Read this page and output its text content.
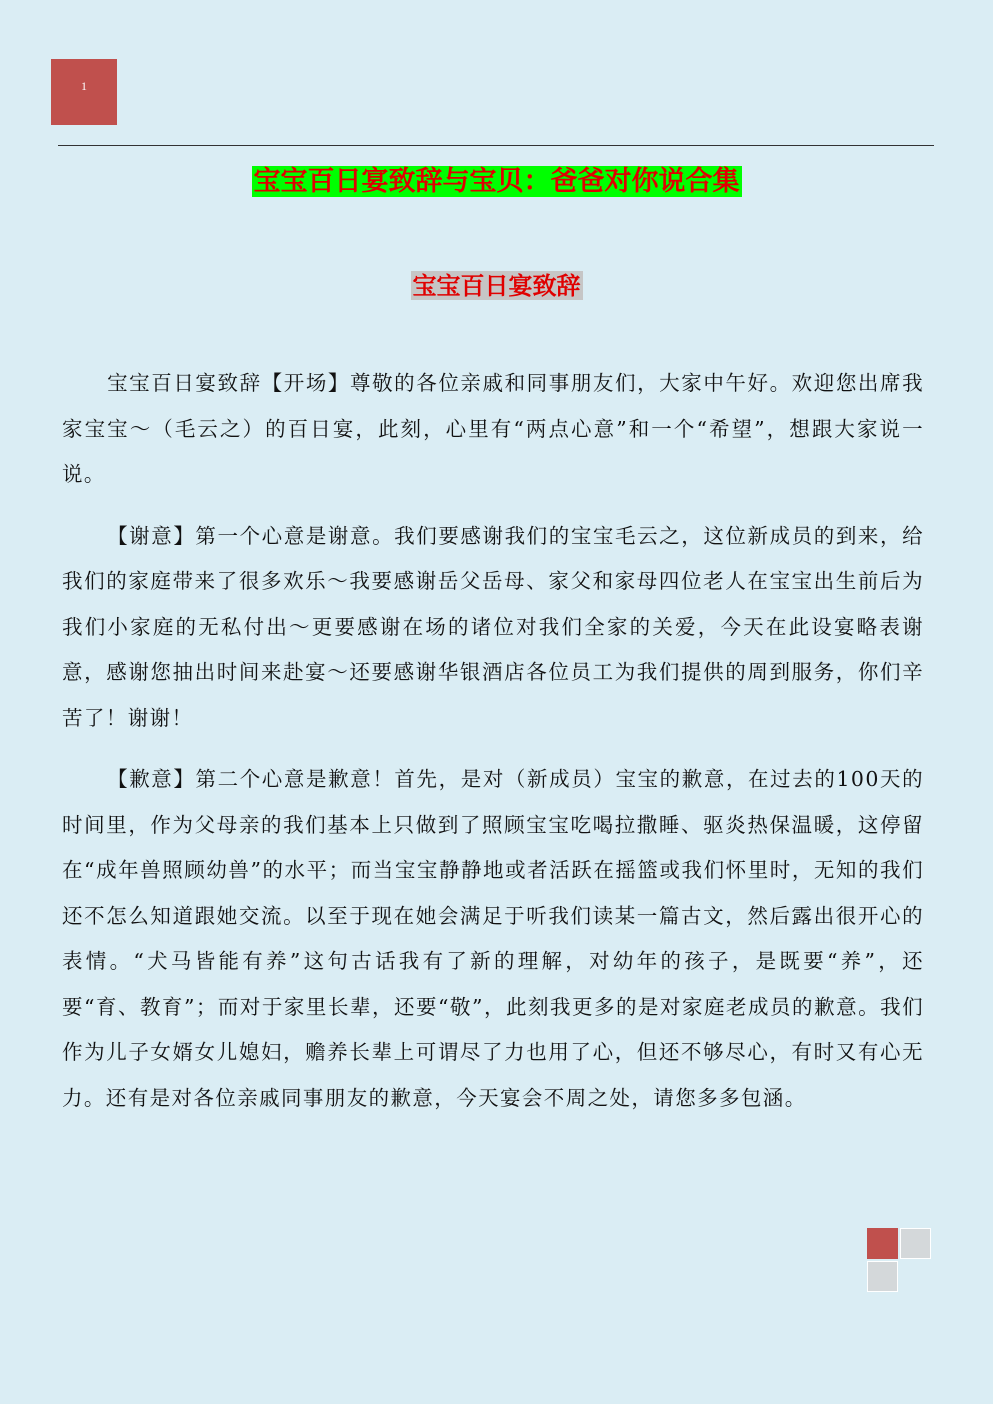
1
宝宝百日宴致辞与宝贝：爸爸对你说合集
宝宝百日宴致辞

宝宝百日宴致辞【开场】尊敬的各位亲戚和同事朋友们，大家中午好。欢迎您出席我家宝宝～（毛云之）的百日宴，此刻，心里有“两点心意”和一个“希望”，想跟大家说一说。

【谢意】第一个心意是谢意。我们要感谢我们的宝宝毛云之，这位新成员的到来，给我们的家庭带来了很多欢乐～我要感谢岳父岳母、家父和家母四位老人在宝宝出生前后为我们小家庭的无私付出～更要感谢在场的诸位对我们全家的关爱，今天在此设宴略表谢意，感谢您抽出时间来赴宴～还要感谢华银酒店各位员工为我们提供的周到服务，你们辛苦了！谢谢！

【歉意】第二个心意是歉意！首先，是对（新成员）宝宝的歉意，在过去的100天的时间里，作为父母亲的我们基本上只做到了照顾宝宝吃喝拉撒睡、驱炎热保温暖，这停留在“成年兽照顾幼兽”的水平；而当宝宝静静地或者活跃在摇篮或我们怀里时，无知的我们还不怎么知道跟她交流。以至于现在她会满足于听我们读某一篇古文，然后露出很开心的表情。“犬马皆能有养”这句古话我有了新的理解，对幼年的孩子，是既要“养”，还要“育、教育”；而对于家里长辈，还要“敬”，此刻我更多的是对家庭老成员的歉意。我们作为儿子女婿女儿媳妇，赡养长辈上可谓尽了力也用了心，但还不够尽心，有时又有心无力。还有是对各位亲戚同事朋友的歉意，今天宴会不周之处，请您多多包涵。
